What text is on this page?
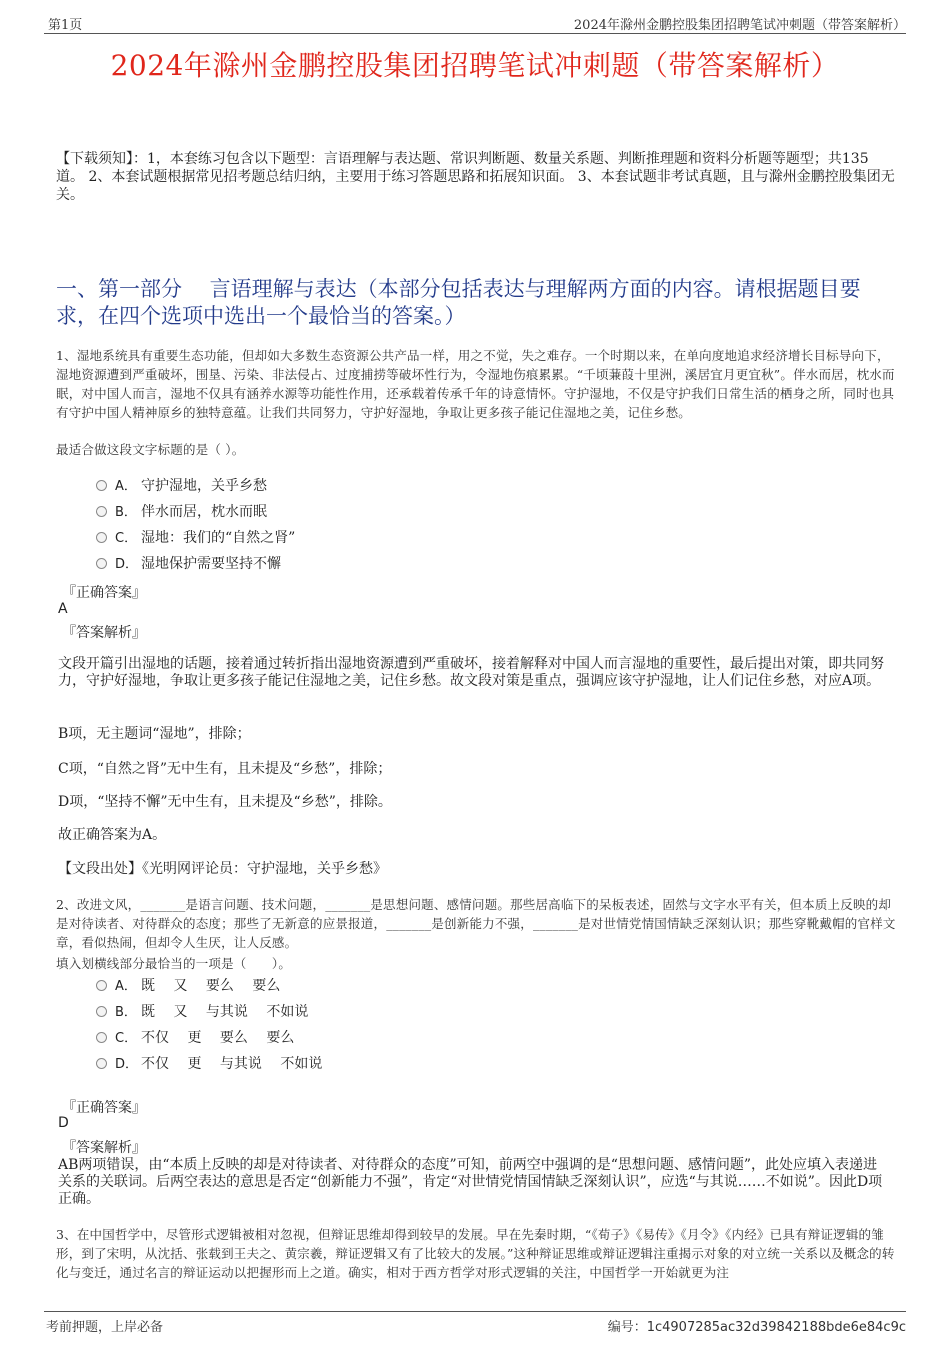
第1页	2024年滁州金鹏控股集团招聘笔试冲刺题（带答案解析）
2024年滁州金鹏控股集团招聘笔试冲刺题（带答案解析）
【下载须知】：1，本套练习包含以下题型：言语理解与表达题、常识判断题、数量关系题、判断推理题和资料分析题等题型；共135道。 2、本套试题根据常见招考题总结归纳，主要用于练习答题思路和拓展知识面。 3、本套试题非考试真题，且与滁州金鹏控股集团无关。
一、第一部分　 言语理解与表达（本部分包括表达与理解两方面的内容。请根据题目要求，在四个选项中选出一个最恰当的答案。）
1、湿地系统具有重要生态功能，但却如大多数生态资源公共产品一样，用之不觉，失之难存。一个时期以来，在单向度地追求经济增长目标导向下，湿地资源遭到严重破坏，围垦、污染、非法侵占、过度捕捞等破坏性行为，令湿地伤痕累累。“千顷蒹葭十里洲，溪居宜月更宜秋”。伴水而居，枕水而眠，对中国人而言，湿地不仅具有涵养水源等功能性作用，还承载着传承千年的诗意情怀。守护湿地，不仅是守护我们日常生活的栖身之所，同时也具有守护中国人精神原乡的独特意蕴。让我们共同努力，守护好湿地，争取让更多孩子能记住湿地之美，记住乡愁。
最适合做这段文字标题的是（ ）。
A． 守护湿地，关乎乡愁
B． 伴水而居，枕水而眠
C． 湿地：我们的“自然之肾”
D． 湿地保护需要坚持不懈
『正确答案』
A
『答案解析』
文段开篇引出湿地的话题，接着通过转折指出湿地资源遭到严重破坏，接着解释对中国人而言湿地的重要性，最后提出对策，即共同努力，守护好湿地，争取让更多孩子能记住湿地之美，记住乡愁。故文段对策是重点，强调应该守护湿地，让人们记住乡愁，对应A项。
B项，无主题词“湿地”，排除；
C项，“自然之肾”无中生有，且未提及“乡愁”，排除；
D项，“坚持不懈”无中生有，且未提及“乡愁”，排除。
故正确答案为A。
【文段出处】《光明网评论员：守护湿地，关乎乡愁》
2、改进文风，_______是语言问题、技术问题，_______是思想问题、感情问题。那些居高临下的呆板表述，固然与文字水平有关，但本质上反映的却是对待读者、对待群众的态度；那些了无新意的应景报道，_______是创新能力不强，_______是对世情党情国情缺乏深刻认识；那些穿靴戴帽的官样文章，看似热闹，但却令人生厌，让人反感。
填入划横线部分最恰当的一项是（　　）。
A． 既　 又　 要么　 要么
B． 既　 又　 与其说　 不如说
C． 不仅　 更　 要么　 要么
D． 不仅　 更　 与其说　 不如说
『正确答案』
D
『答案解析』
AB两项错误，由“本质上反映的却是对待读者、对待群众的态度”可知，前两空中强调的是“思想问题、感情问题”，此处应填入表递进关系的关联词。后两空表达的意思是否定“创新能力不强”，肯定“对世情党情国情缺乏深刻认识”，应选“与其说……不如说”。因此D项正确。
3、在中国哲学中，尽管形式逻辑被相对忽视，但辩证思维却得到较早的发展。早在先秦时期，“《荀子》《易传》《月令》《内经》已具有辩证逻辑的雏形，到了宋明，从沈括、张载到王夫之、黄宗羲，辩证逻辑又有了比较大的发展。”这种辩证思维或辩证逻辑注重揭示对象的对立统一关系以及概念的转化与变迁，通过名言的辩证运动以把握形而上之道。确实，相对于西方哲学对形式逻辑的关注，中国哲学一开始就更为注
考前押题，上岸必备	编号：1c4907285ac32d39842188bde6e84c9c
